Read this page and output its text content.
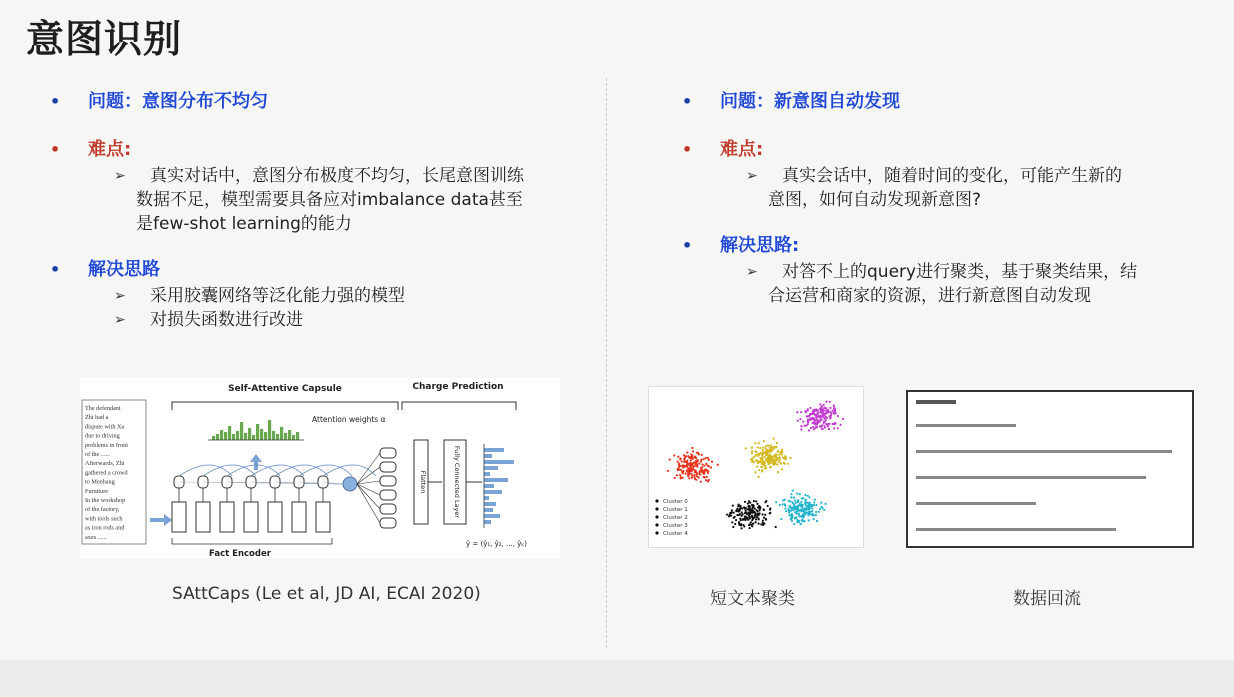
意图识别
• 问题：意图分布不均匀
• 难点:
➢ 真实对话中，意图分布极度不均匀，长尾意图训练
数据不足，模型需要具备应对imbalance data甚至
是few-shot learning的能力
• 解决思路
➢ 采用胶囊网络等泛化能力强的模型
➢ 对损失函数进行改进
• 问题：新意图自动发现
• 难点:
➢ 真实会话中，随着时间的变化，可能产生新的
意图，如何自动发现新意图?
• 解决思路:
➢ 对答不上的query进行聚类，基于聚类结果，结
合运营和商家的资源，进行新意图自动发现
The defendant
Zhi had a
dispute with Xu
due to driving
problems in front
of the ......
Afterwards, Zhi
gathered a crowd
to Menhang
Furniture
In the workshop
of the factory,
with tools such
as iron rods and
axes ......
Self-Attentive Capsule	Charge Prediction
Attention weights α
Fact Encoder
Flatten	Fully Connected Layer
ŷ = (ŷ₁, ŷ₂, ..., ŷₖ)
SAttCaps (Le et al, JD AI, ECAI 2020)
Cluster 0
Cluster 1
Cluster 2
Cluster 3
Cluster 4
短文本聚类	数据回流
